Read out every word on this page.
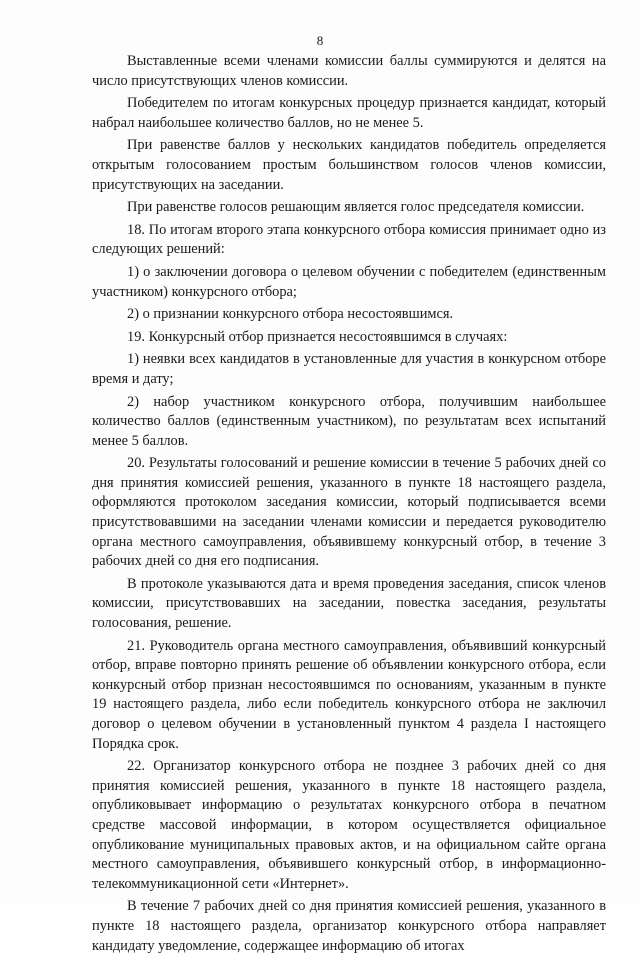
8

Выставленные всеми членами комиссии баллы суммируются и делятся на число присутствующих членов комиссии.

Победителем по итогам конкурсных процедур признается кандидат, который набрал наибольшее количество баллов, но не менее 5.

При равенстве баллов у нескольких кандидатов победитель определяется открытым голосованием простым большинством голосов членов комиссии, присутствующих на заседании.

При равенстве голосов решающим является голос председателя комиссии.

18. По итогам второго этапа конкурсного отбора комиссия принимает одно из следующих решений:

1) о заключении договора о целевом обучении с победителем (единственным участником) конкурсного отбора;

2) о признании конкурсного отбора несостоявшимся.

19. Конкурсный отбор признается несостоявшимся в случаях:

1) неявки всех кандидатов в установленные для участия в конкурсном отборе время и дату;

2) набор участником конкурсного отбора, получившим наибольшее количество баллов (единственным участником), по результатам всех испытаний менее 5 баллов.

20. Результаты голосований и решение комиссии в течение 5 рабочих дней со дня принятия комиссией решения, указанного в пункте 18 настоящего раздела, оформляются протоколом заседания комиссии, который подписывается всеми присутствовавшими на заседании членами комиссии и передается руководителю органа местного самоуправления, объявившему конкурсный отбор, в течение 3 рабочих дней со дня его подписания.

В протоколе указываются дата и время проведения заседания, список членов комиссии, присутствовавших на заседании, повестка заседания, результаты голосования, решение.

21. Руководитель органа местного самоуправления, объявивший конкурсный отбор, вправе повторно принять решение об объявлении конкурсного отбора, если конкурсный отбор признан несостоявшимся по основаниям, указанным в пункте 19 настоящего раздела, либо если победитель конкурсного отбора не заключил договор о целевом обучении в установленный пунктом 4 раздела I настоящего Порядка срок.

22. Организатор конкурсного отбора не позднее 3 рабочих дней со дня принятия комиссией решения, указанного в пункте 18 настоящего раздела, опубликовывает информацию о результатах конкурсного отбора в печатном средстве массовой информации, в котором осуществляется официальное опубликование муниципальных правовых актов, и на официальном сайте органа местного самоуправления, объявившего конкурсный отбор, в информационно-телекоммуникационной сети «Интернет».

В течение 7 рабочих дней со дня принятия комиссией решения, указанного в пункте 18 настоящего раздела, организатор конкурсного отбора направляет кандидату уведомление, содержащее информацию об итогах
